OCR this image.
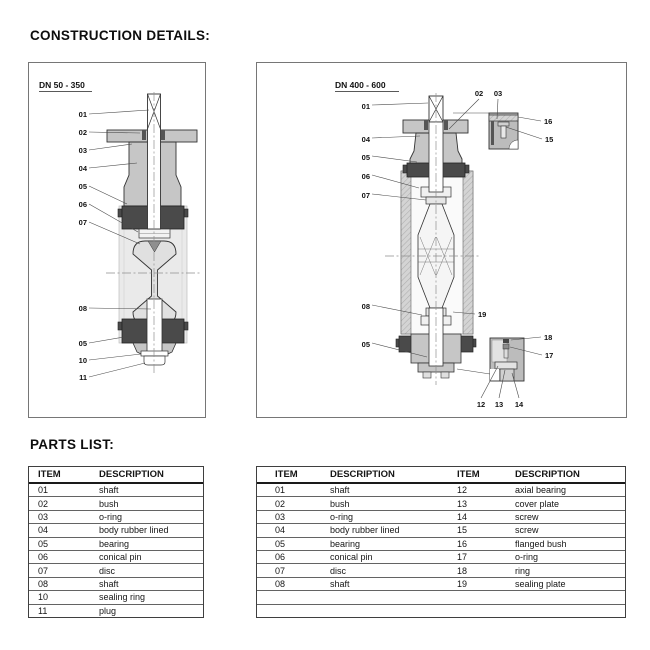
CONSTRUCTION DETAILS:
01
02
03
04
05
06
07
08
05
10
11
DN 50 - 350
01
04
05
06
07
08
05
02 03
16
15
19
18
17
12 13 14
DN 400 - 600
PARTS LIST:
ITEM	DESCRIPTION
01	shaft
02	bush
03	o-ring
04	body rubber lined
05	bearing
06	conical pin
07	disc
08	shaft
10	sealing ring
11	plug
ITEM	DESCRIPTION	ITEM	DESCRIPTION
01	shaft	12	axial bearing
02	bush	13	cover plate
03	o-ring	14	screw
04	body rubber lined	15	screw
05	bearing	16	flanged bush
06	conical pin	17	o-ring
07	disc	18	ring
08	shaft	19	sealing plate
